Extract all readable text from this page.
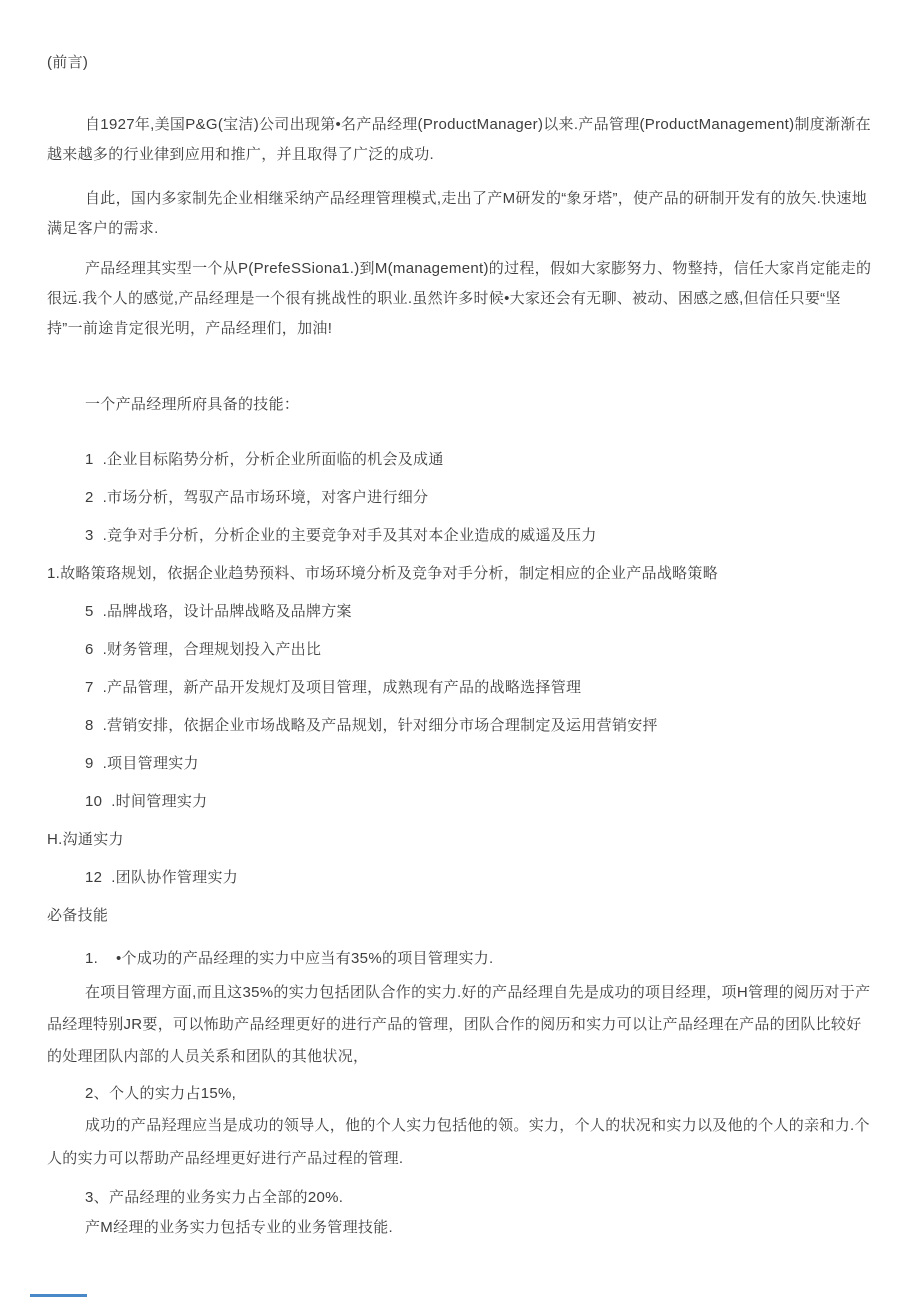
(前言)

自1927年,美国P&G(宝洁)公司出现第•名产品经理(ProductManager)以来.产品管理(ProductManagement)制度渐渐在越来越多的行业律到应用和推广，并且取得了广泛的成功.

自此，国内多家制先企业相继采纳产品经理管理模式,走出了产M研发的“象牙塔”，使产品的研制开发有的放矢.快速地满足客户的需求.

产品经理其实型一个从P(PrefeSSiona1.)到M(management)的过程，假如大家膨努力、物整持，信任大家肖定能走的很远.我个人的感觉,产品经理是一个很有挑战性的职业.虽然许多时候•大家还会有无聊、被动、困感之感,但信任只要“坚持”一前途肯定很光明，产品经理们，加油!

一个产品经理所府具备的技能：

1  .企业目标陷势分析，分析企业所面临的机会及成通

2  .市场分析，驾驭产品市场环境，对客户进行细分

3  .竞争对手分析，分析企业的主要竞争对手及其对本企业造成的威遥及压力

1.故略策珞规划，依据企业趋势预料、市场环境分析及竞争对手分析，制定相应的企业产品战略策略

5  .品牌战珞，设计品牌战略及品牌方案

6  .财务管理，合理规划投入产出比

7  .产品管理，新产品开发规灯及项目管理，成熟现有产品的战略选择管理

8  .营销安排，依据企业市场战略及产品规划，针对细分市场合理制定及运用营销安抨

9  .项目管理实力

10  .时间管理实力

H.沟通实力

12  .团队协作管理实力

必备技能

1.    •个成功的产品经理的实力中应当有35%的项目管理实力.

在项目管理方面,而且这35%的实力包括团队合作的实力.好的产品经理自先是成功的项目经理，项H管理的阅历对于产品经理特别JR要，可以怖助产品经理更好的进行产品的管理，团队合作的阅历和实力可以让产品经理在产品的团队比较好的处理团队内部的人员关系和团队的其他状况，

2、个人的实力占15%,

成功的产品羟理应当是成功的领导人，他的个人实力包括他的领。实力，个人的状况和实力以及他的个人的亲和力.个人的实力可以帮助产品经埋更好进行产品过程的管理.

3、产品经理的业务实力占全部的20%.

产M经理的业务实力包括专业的业务管理技能.
